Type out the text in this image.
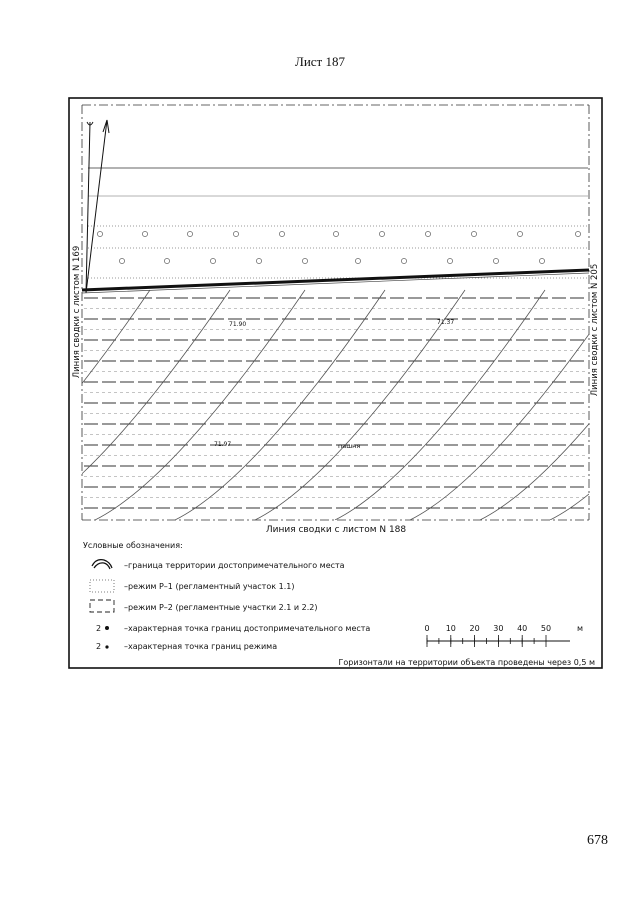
Лист 187
71.90	71.37
71.97	пашня
Линия сводки с листом N 169	Линия сводки с листом N 205
Линия сводки с листом N 188
Условные обозначения:
–граница территории достопримечательного места
–режим Р–1 (регламентный участок 1.1)
–режим Р–2 (регламентные участки 2.1 и 2.2)
2	–характерная точка границ достопримечательного места
2	–характерная точка границ режима
0 10 20 30 40 50	м
Горизонтали на территории объекта проведены через 0,5 м
678
